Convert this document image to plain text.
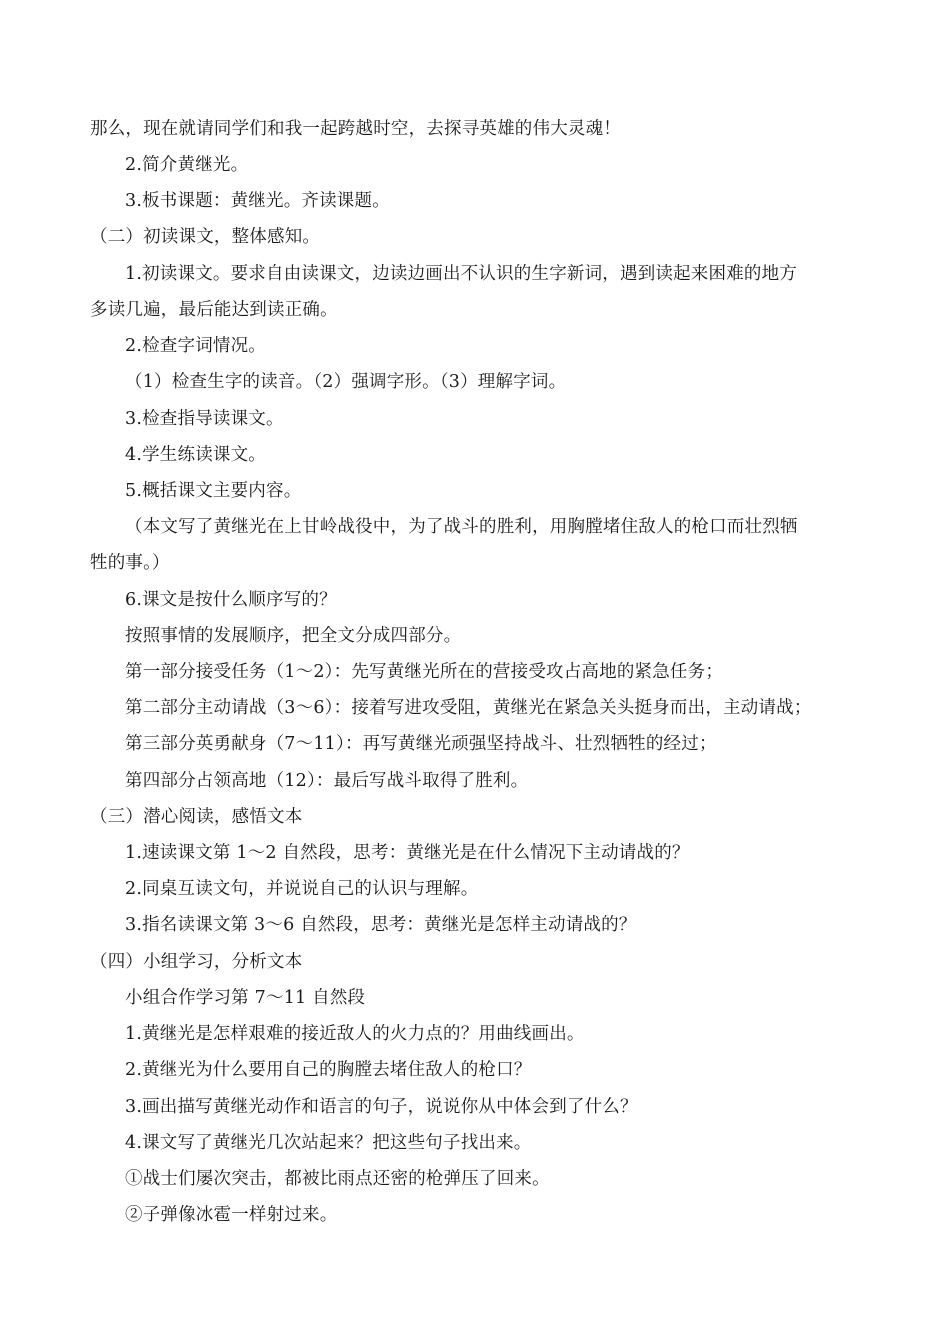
那么，现在就请同学们和我一起跨越时空，去探寻英雄的伟大灵魂！
2.简介黄继光。
3.板书课题：黄继光。齐读课题。
（二）初读课文，整体感知。
1.初读课文。要求自由读课文，边读边画出不认识的生字新词，遇到读起来困难的地方
多读几遍，最后能达到读正确。
2.检查字词情况。
（1）检查生字的读音。（2）强调字形。（3）理解字词。
3.检查指导读课文。
4.学生练读课文。
5.概括课文主要内容。
（本文写了黄继光在上甘岭战役中，为了战斗的胜利，用胸膛堵住敌人的枪口而壮烈牺
牲的事。）
6.课文是按什么顺序写的？
按照事情的发展顺序，把全文分成四部分。
第一部分接受任务（1～2）：先写黄继光所在的营接受攻占高地的紧急任务；
第二部分主动请战（3～6）：接着写进攻受阻，黄继光在紧急关头挺身而出，主动请战；
第三部分英勇献身（7～11）：再写黄继光顽强坚持战斗、壮烈牺牲的经过；
第四部分占领高地（12）：最后写战斗取得了胜利。
（三）潜心阅读，感悟文本
1.速读课文第 1～2 自然段，思考：黄继光是在什么情况下主动请战的？
2.同桌互读文句，并说说自己的认识与理解。
3.指名读课文第 3～6 自然段，思考：黄继光是怎样主动请战的？
（四）小组学习，分析文本
小组合作学习第 7～11 自然段
1.黄继光是怎样艰难的接近敌人的火力点的？用曲线画出。
2.黄继光为什么要用自己的胸膛去堵住敌人的枪口？
3.画出描写黄继光动作和语言的句子，说说你从中体会到了什么？
4.课文写了黄继光几次站起来？把这些句子找出来。
①战士们屡次突击，都被比雨点还密的枪弹压了回来。
②子弹像冰雹一样射过来。
